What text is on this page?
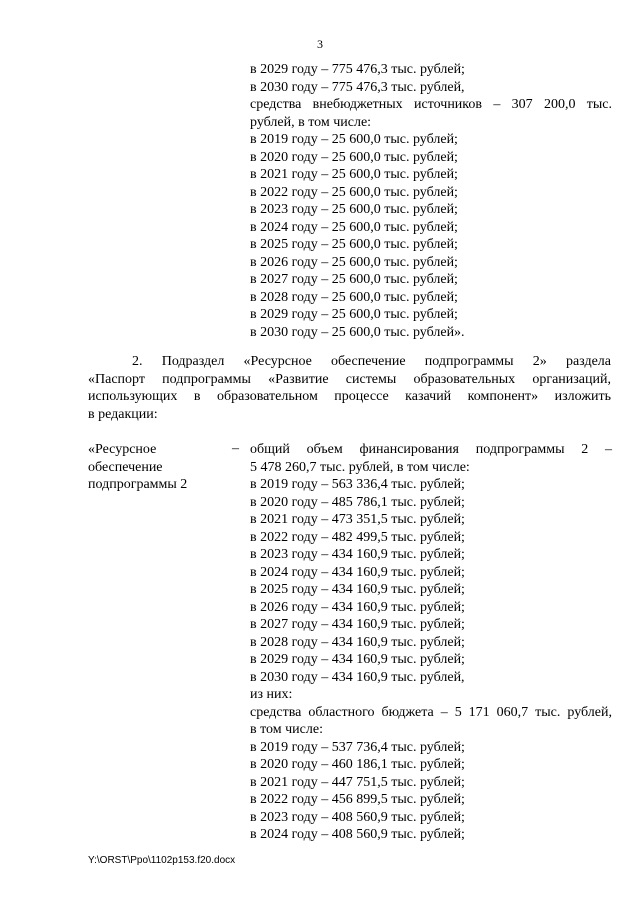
3
в 2029 году – 775 476,3 тыс. рублей;
в 2030 году – 775 476,3 тыс. рублей,
средства внебюджетных источников – 307 200,0 тыс.
рублей, в том числе:
в 2019 году – 25 600,0 тыс. рублей;
в 2020 году – 25 600,0 тыс. рублей;
в 2021 году – 25 600,0 тыс. рублей;
в 2022 году – 25 600,0 тыс. рублей;
в 2023 году – 25 600,0 тыс. рублей;
в 2024 году – 25 600,0 тыс. рублей;
в 2025 году – 25 600,0 тыс. рублей;
в 2026 году – 25 600,0 тыс. рублей;
в 2027 году – 25 600,0 тыс. рублей;
в 2028 году – 25 600,0 тыс. рублей;
в 2029 году – 25 600,0 тыс. рублей;
в 2030 году – 25 600,0 тыс. рублей».
2. Подраздел «Ресурсное обеспечение подпрограммы 2» раздела
«Паспорт подпрограммы «Развитие системы образовательных организаций,
использующих в образовательном процессе казачий компонент» изложить
в редакции:
«Ресурсное
обеспечение
подпрограммы 2
– общий объем финансирования подпрограммы 2 –
5 478 260,7 тыс. рублей, в том числе:
в 2019 году – 563 336,4 тыс. рублей;
в 2020 году – 485 786,1 тыс. рублей;
в 2021 году – 473 351,5 тыс. рублей;
в 2022 году – 482 499,5 тыс. рублей;
в 2023 году – 434 160,9 тыс. рублей;
в 2024 году – 434 160,9 тыс. рублей;
в 2025 году – 434 160,9 тыс. рублей;
в 2026 году – 434 160,9 тыс. рублей;
в 2027 году – 434 160,9 тыс. рублей;
в 2028 году – 434 160,9 тыс. рублей;
в 2029 году – 434 160,9 тыс. рублей;
в 2030 году – 434 160,9 тыс. рублей,
из них:
средства областного бюджета – 5 171 060,7 тыс. рублей,
в том числе:
в 2019 году – 537 736,4 тыс. рублей;
в 2020 году – 460 186,1 тыс. рублей;
в 2021 году – 447 751,5 тыс. рублей;
в 2022 году – 456 899,5 тыс. рублей;
в 2023 году – 408 560,9 тыс. рублей;
в 2024 году – 408 560,9 тыс. рублей;
Y:\ORST\Ppo\1102p153.f20.docx
